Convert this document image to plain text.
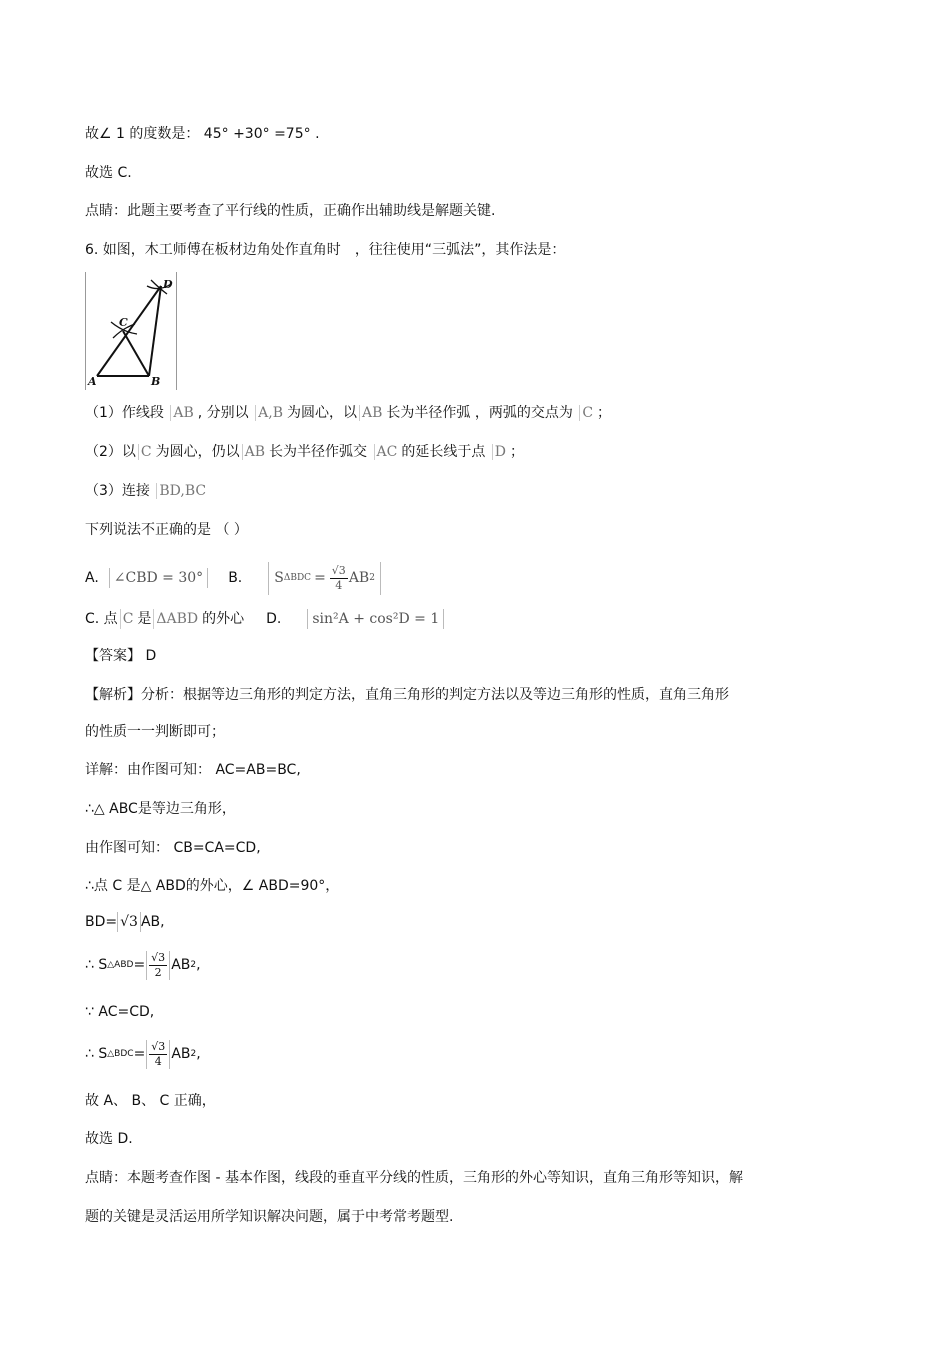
故∠ 1 的度数是： 45° +30° =75° .
故选 C.
点睛：此题主要考查了平行线的性质，正确作出辅助线是解题关键.
6. 如图，木工师傅在板材边角处作直角时 ，往往使用“三弧法”，其作法是：
A	B
C
D
（1）作线段 AB , 分别以 A,B 为圆心，以 AB 长为半径作弧 ，两弧的交点为 C ；
（2）以 C 为圆心，仍以 AB 长为半径作弧交 AC 的延长线于点 D ；
（3）连接 BD,BC
下列说法不正确的是 （ ）
A.	∠CBD = 30°	B. S $\Delta BDC = \frac{√3}{4}$ AB 2
C. 点 C 是 ΔABD 的外心 D.	sin²A + cos²D = 1
【答案】 D
【解析】分析：根据等边三角形的判定方法，直角三角形的判定方法以及等边三角形的性质，直角三角形
的性质一一判断即可；
详解：由作图可知： AC=AB=BC,
∴△ ABC是等边三角形，
由作图可知： CB=CA=CD,
∴点 C 是△ ABD的外心，∠ ABD=90°，
BD= √3 AB,
∴ S △ABD = $\frac{√3}{2}$ AB 2 ,
∵ AC=CD,
∴ S △BDC = $\frac{√3}{4}$ AB 2 ,
故 A、 B、 C 正确，
故选 D.
点睛：本题考查作图 - 基本作图，线段的垂直平分线的性质，三角形的外心等知识，直角三角形等知识，解
题的关键是灵活运用所学知识解决问题，属于中考常考题型.
